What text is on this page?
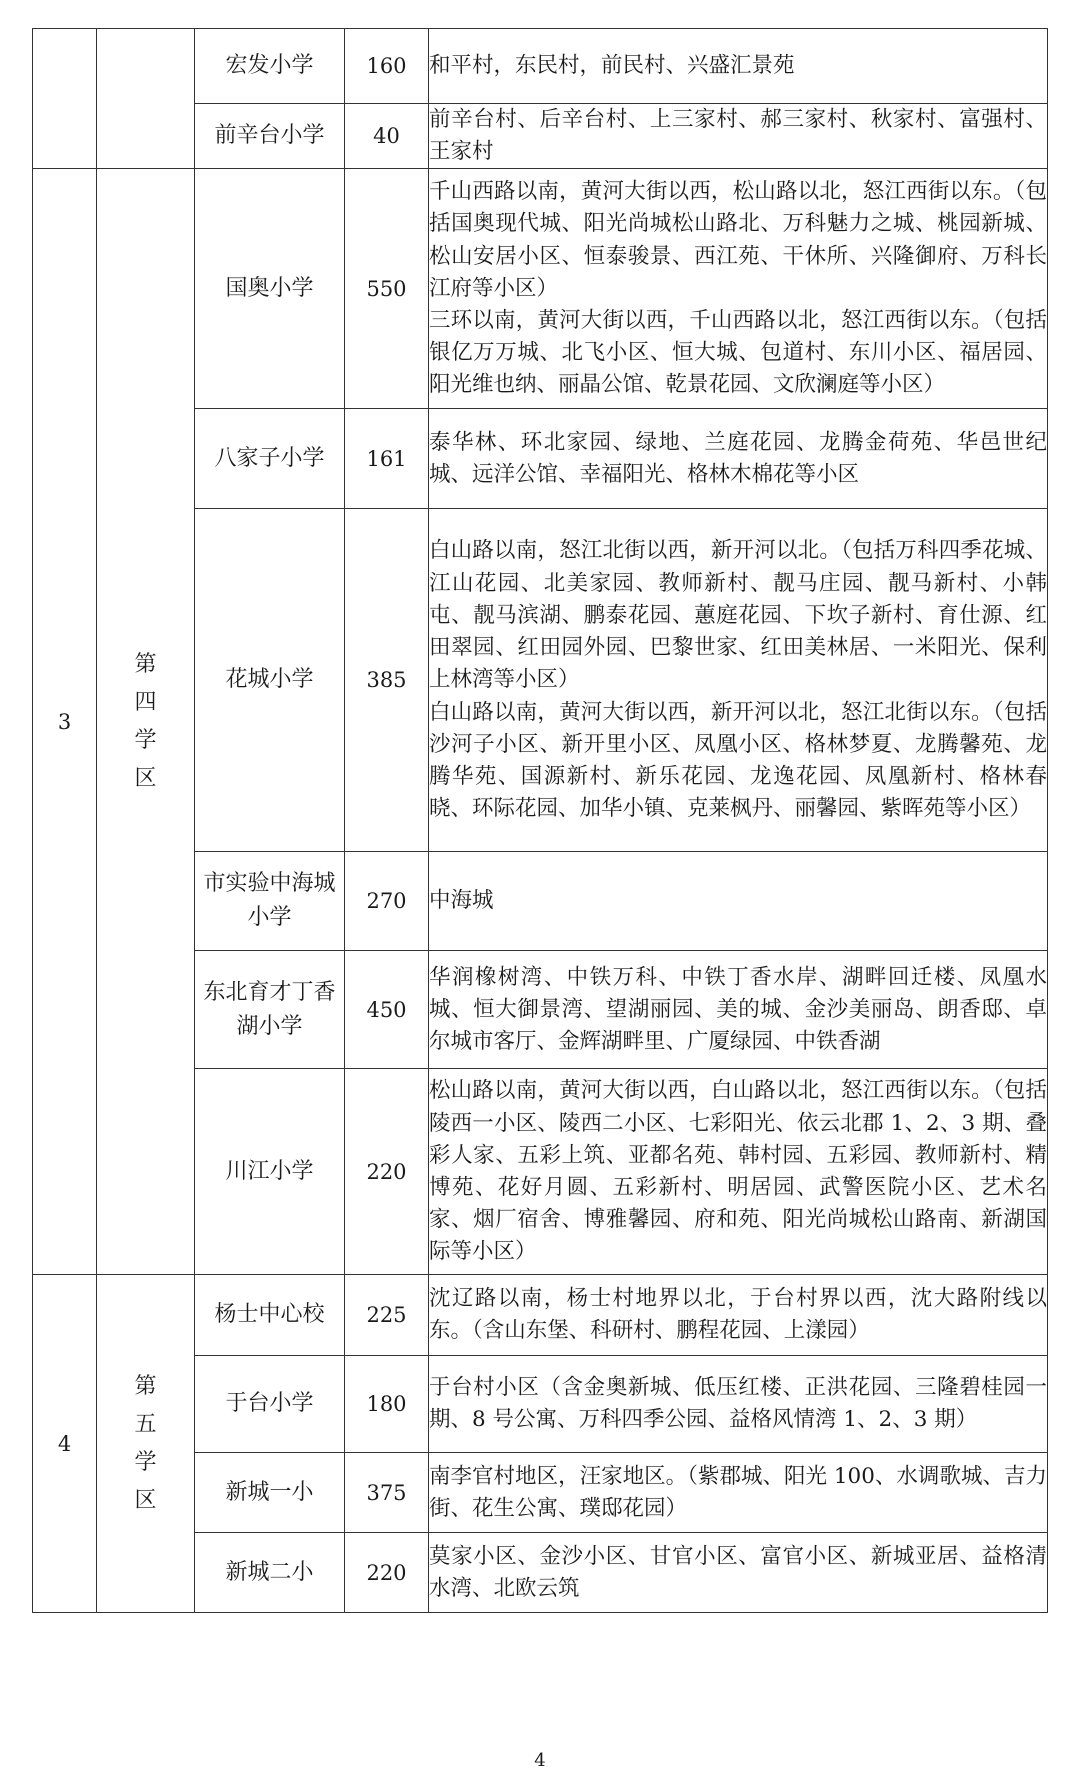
		宏发小学	160	和平村，东民村，前民村、兴盛汇景苑

		前辛台小学	40	前辛台村、后辛台村、上三家村、郝三家村、秋家村、富强村、王家村

3	第四学区	国奥小学	550	千山西路以南，黄河大街以西，松山路以北，怒江西街以东。（包括国奥现代城、阳光尚城松山路北、万科魅力之城、桃园新城、松山安居小区、恒泰骏景、西江苑、干休所、兴隆御府、万科长江府等小区）

三环以南，黄河大街以西，千山西路以北，怒江西街以东。（包括银亿万万城、北飞小区、恒大城、包道村、东川小区、福居园、阳光维也纳、丽晶公馆、乾景花园、文欣澜庭等小区）

		八家子小学	161	泰华林、环北家园、绿地、兰庭花园、龙腾金荷苑、华邑世纪城、远洋公馆、幸福阳光、格林木棉花等小区

		花城小学	385	白山路以南，怒江北街以西，新开河以北。（包括万科四季花城、江山花园、北美家园、教师新村、靓马庄园、靓马新村、小韩屯、靓马滨湖、鹏泰花园、蕙庭花园、下坎子新村、育仕源、红田翠园、红田园外园、巴黎世家、红田美林居、一米阳光、保利上林湾等小区）

白山路以南，黄河大街以西，新开河以北，怒江北街以东。（包括沙河子小区、新开里小区、凤凰小区、格林梦夏、龙腾馨苑、龙腾华苑、国源新村、新乐花园、龙逸花园、凤凰新村、格林春晓、环际花园、加华小镇、克莱枫丹、丽馨园、紫晖苑等小区）

		市实验中海城小学	270	中海城

		东北育才丁香湖小学	450	华润橡树湾、中铁万科、中铁丁香水岸、湖畔回迁楼、凤凰水城、恒大御景湾、望湖丽园、美的城、金沙美丽岛、朗香邸、卓尔城市客厅、金辉湖畔里、广厦绿园、中铁香湖

		川江小学	220	松山路以南，黄河大街以西，白山路以北，怒江西街以东。（包括陵西一小区、陵西二小区、七彩阳光、依云北郡 1、2、3 期、叠彩人家、五彩上筑、亚都名苑、韩村园、五彩园、教师新村、精博苑、花好月圆、五彩新村、明居园、武警医院小区、艺术名家、烟厂宿舍、博雅馨园、府和苑、阳光尚城松山路南、新湖国际等小区）

4	第五学区	杨士中心校	225	沈辽路以南，杨士村地界以北，于台村界以西，沈大路附线以东。（含山东堡、科研村、鹏程花园、上漾园）

		于台小学	180	于台村小区（含金奥新城、低压红楼、正洪花园、三隆碧桂园一期、8 号公寓、万科四季公园、益格风情湾 1、2、3 期）

		新城一小	375	南李官村地区，汪家地区。（紫郡城、阳光 100、水调歌城、吉力街、花生公寓、璞邸花园）

		新城二小	220	莫家小区、金沙小区、甘官小区、富官小区、新城亚居、益格清水湾、北欧云筑

4
